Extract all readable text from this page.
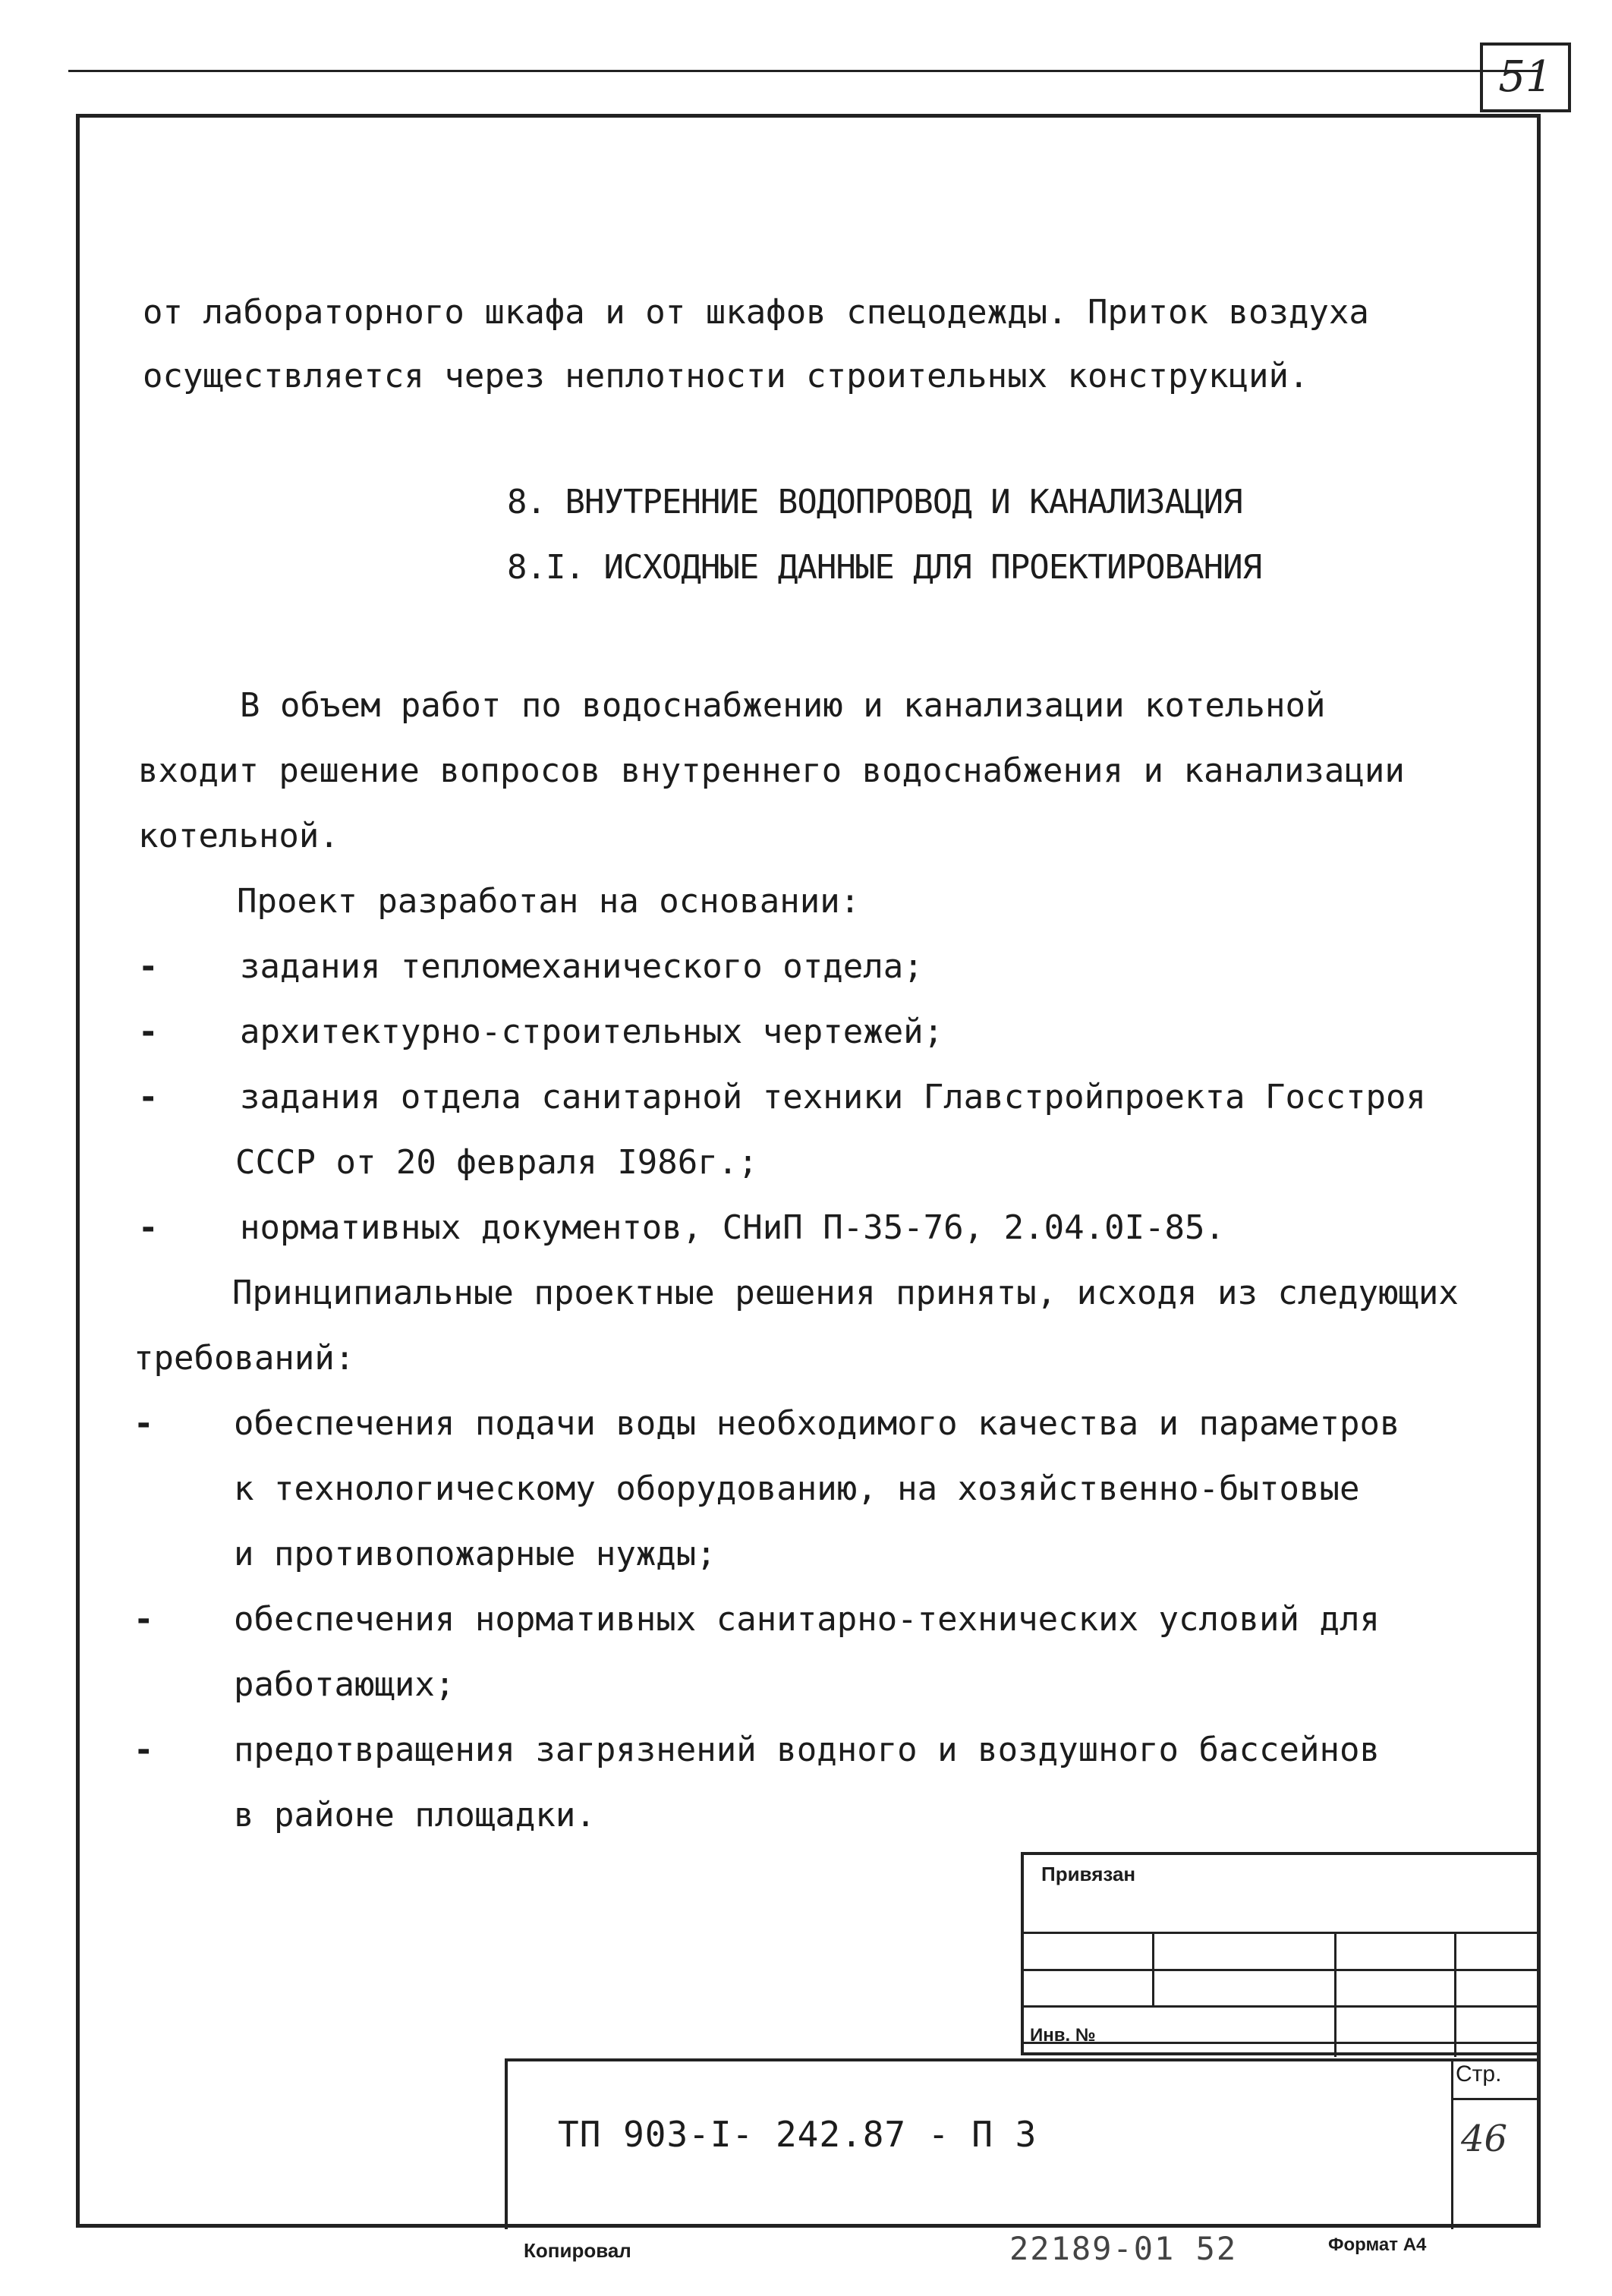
51
от лабораторного шкафа и от шкафов спецодежды. Приток воздуха
осуществляется через неплотности строительных конструкций.
8. ВНУТРЕННИЕ ВОДОПРОВОД И КАНАЛИЗАЦИЯ
8.I. ИСХОДНЫЕ ДАННЫЕ ДЛЯ ПРОЕКТИРОВАНИЯ
В объем работ по водоснабжению и канализации котельной
входит решение вопросов внутреннего водоснабжения и канализации
котельной.
Проект разработан на основании:
- задания тепломеханического отдела;
- архитектурно-строительных чертежей;
- задания отдела санитарной техники Главстройпроекта Госстроя
СССР от 20 февраля I986г.;
- нормативных документов, СНиП П-35-76, 2.04.0I-85.
Принципиальные проектные решения приняты, исходя из следующих
требований:
- обеспечения подачи воды необходимого качества и параметров
к технологическому оборудованию, на хозяйственно-бытовые
и противопожарные нужды;
- обеспечения нормативных санитарно-технических условий для
работающих;
- предотвращения загрязнений водного и воздушного бассейнов
в районе площадки.
Привязан
Инв. №
ТП 903-I- 242.87 - П 3
Стр.
46
Копировал	22189-01 52	Формат А4
